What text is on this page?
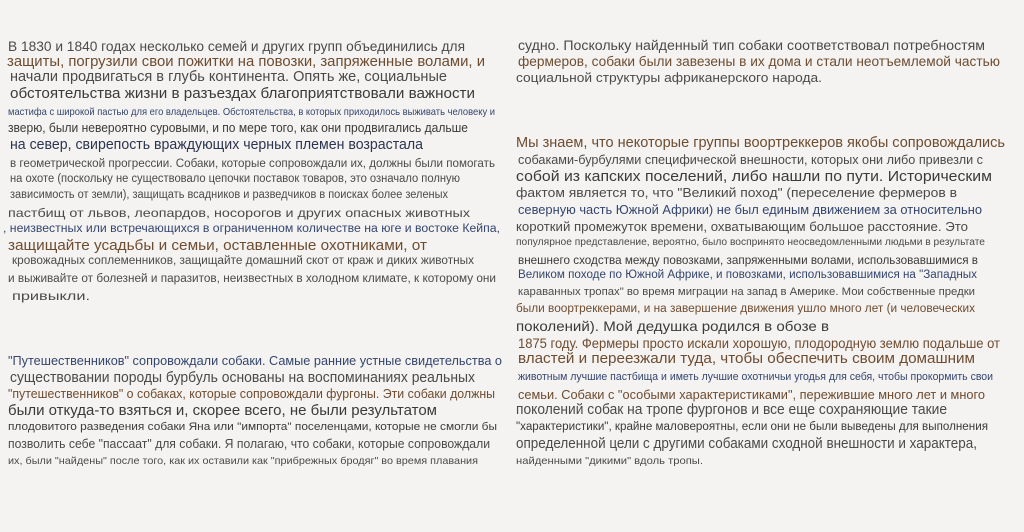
В 1830 и 1840 годах несколько семей и других групп объединились для
защиты, погрузили свои пожитки на повозки, запряженные волами, и
начали продвигаться в глубь континента. Опять же, социальные
обстоятельства жизни в разъездах благоприятствовали важности
мастифа с широкой пастью для его владельцев. Обстоятельства, в которых приходилось выживать человеку и
зверю, были невероятно суровыми, и по мере того, как они продвигались дальше
на север, свирепость враждующих черных племен возрастала
в геометрической прогрессии. Собаки, которые сопровождали их, должны были помогать
на охоте (поскольку не существовало цепочки поставок товаров, это означало полную
зависимость от земли), защищать всадников и разведчиков в поисках более зеленых
пастбищ от львов, леопардов, носорогов и других опасных животных
, неизвестных или встречающихся в ограниченном количестве на юге и востоке Кейпа,
защищайте усадьбы и семьи, оставленные охотниками, от
кровожадных соплеменников, защищайте домашний скот от краж и диких животных
и выживайте от болезней и паразитов, неизвестных в холодном климате, к которому они
привыкли.
"Путешественников" сопровождали собаки. Самые ранние устные свидетельства о
существовании породы бурбуль основаны на воспоминаниях реальных
"путешественников" о собаках, которые сопровождали фургоны. Эти собаки должны
были откуда-то взяться и, скорее всего, не были результатом
плодовитого разведения собаки Яна или "импорта" поселенцами, которые не смогли бы
позволить себе "пассаат" для собаки. Я полагаю, что собаки, которые сопровождали
их, были "найдены" после того, как их оставили как "прибрежных бродяг" во время плавания
судно. Поскольку найденный тип собаки соответствовал потребностям
фермеров, собаки были завезены в их дома и стали неотъемлемой частью
социальной структуры африканерского народа.
Мы знаем, что некоторые группы воортреккеров якобы сопровождались
собаками-бурбулями специфической внешности, которых они либо привезли с
собой из капских поселений, либо нашли по пути. Историческим
фактом является то, что "Великий поход" (переселение фермеров в
северную часть Южной Африки) не был единым движением за относительно
короткий промежуток времени, охватывающим большое расстояние. Это
популярное представление, вероятно, было воспринято неосведомленными людьми в результате
внешнего сходства между повозками, запряженными волами, использовавшимися в
Великом походе по Южной Африке, и повозками, использовавшимися на "Западных
караванных тропах" во время миграции на запад в Америке. Мои собственные предки
были воортреккерами, и на завершение движения ушло много лет (и человеческих
поколений). Мой дедушка родился в обозе в
1875 году. Фермеры просто искали хорошую, плодородную землю подальше от
властей и переезжали туда, чтобы обеспечить своим домашним
животным лучшие пастбища и иметь лучшие охотничьи угодья для себя, чтобы прокормить свои
семьи. Собаки с "особыми характеристиками", пережившие много лет и много
поколений собак на тропе фургонов и все еще сохраняющие такие
"характеристики", крайне маловероятны, если они не были выведены для выполнения
определенной цели с другими собаками сходной внешности и характера,
найденными "дикими" вдоль тропы.
